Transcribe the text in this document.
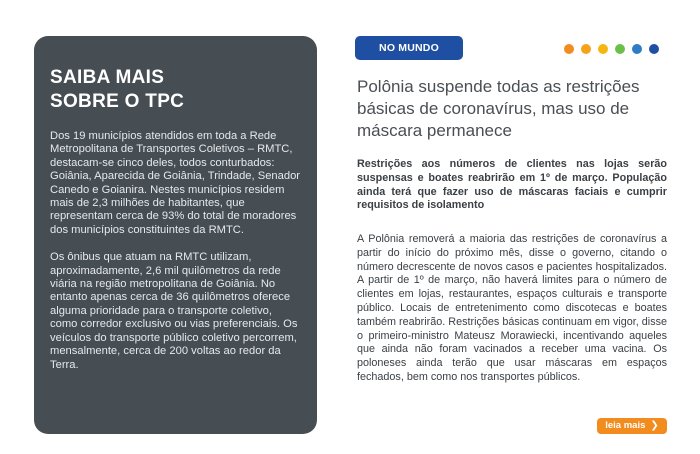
SAIBA MAIS SOBRE O TPC

Dos 19 municípios atendidos em toda a Rede Metropolitana de Transportes Coletivos – RMTC, destacam-se cinco deles, todos conturbados: Goiânia, Aparecida de Goiânia, Trindade, Senador Canedo e Goianira. Nestes municípios residem mais de 2,3 milhões de habitantes, que representam cerca de 93% do total de moradores dos municípios constituintes da RMTC.

Os ônibus que atuam na RMTC utilizam, aproximadamente, 2,6 mil quilômetros da rede viária na região metropolitana de Goiânia. No entanto apenas cerca de 36 quilômetros oferece alguma prioridade para o transporte coletivo, como corredor exclusivo ou vias preferenciais. Os veículos do transporte público coletivo percorrem, mensalmente, cerca de 200 voltas ao redor da Terra.

NO MUNDO
Polônia suspende todas as restrições básicas de coronavírus, mas uso de máscara permanece

Restrições aos números de clientes nas lojas serão suspensas e boates reabrirão em 1º de março. População ainda terá que fazer uso de máscaras faciais e cumprir requisitos de isolamento

A Polônia removerá a maioria das restrições de coronavírus a partir do início do próximo mês, disse o governo, citando o número decrescente de novos casos e pacientes hospitalizados. A partir de 1º de março, não haverá limites para o número de clientes em lojas, restaurantes, espaços culturais e transporte público. Locais de entretenimento como discotecas e boates também reabrirão. Restrições básicas continuam em vigor, disse o primeiro-ministro Mateusz Morawiecki, incentivando aqueles que ainda não foram vacinados a receber uma vacina. Os poloneses ainda terão que usar máscaras em espaços fechados, bem como nos transportes públicos.

leia mais ❯
